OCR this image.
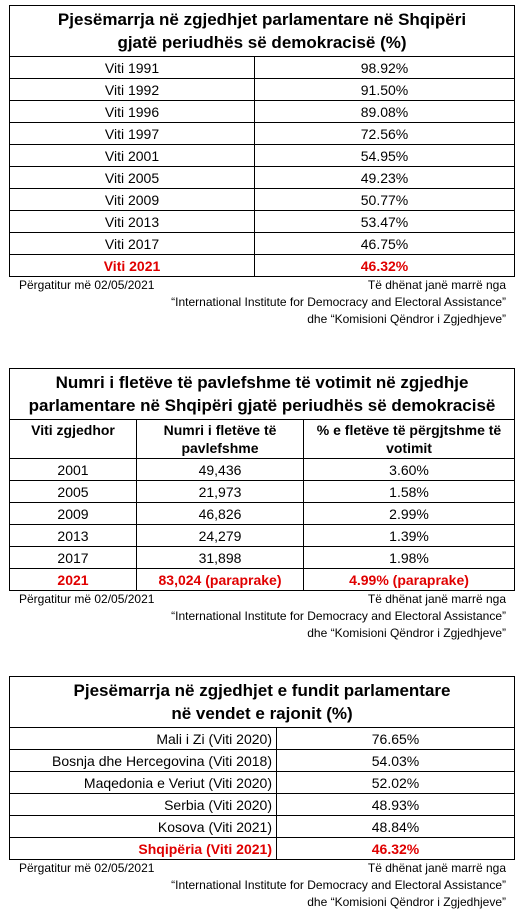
Pjesëmarrja në zgjedhjet parlamentare në Shqipëri
gjatë periudhës së demokracisë (%)	

Viti 1991	98.92%
Viti 1992	91.50%
Viti 1996	89.08%
Viti 1997	72.56%
Viti 2001	54.95%
Viti 2005	49.23%
Viti 2009	50.77%
Viti 2013	53.47%
Viti 2017	46.75%
Viti 2021	46.32%
Përgatitur më 02/05/2021	Të dhënat janë marrë nga
“International Institute for Democracy and Electoral Assistance”
dhe “Komisioni Qëndror i Zgjedhjeve”
Numri i fletëve të pavlefshme të votimit në zgjedhje
parlamentare në Shqipëri gjatë periudhës së demokracisë		

Viti zgjedhor	Numri i fletëve të pavlefshme	% e fletëve të përgjtshme të votimit
2001	49,436	3.60%
2005	21,973	1.58%
2009	46,826	2.99%
2013	24,279	1.39%
2017	31,898	1.98%
2021	83,024 (paraprake)	4.99% (paraprake)
Përgatitur më 02/05/2021	Të dhënat janë marrë nga
“International Institute for Democracy and Electoral Assistance”
dhe “Komisioni Qëndror i Zgjedhjeve”
Pjesëmarrja në zgjedhjet e fundit parlamentare
në vendet e rajonit (%)	

Mali i Zi (Viti 2020)	76.65%
Bosnja dhe Hercegovina (Viti 2018)	54.03%
Maqedonia e Veriut (Viti 2020)	52.02%
Serbia (Viti 2020)	48.93%
Kosova (Viti 2021)	48.84%
Shqipëria (Viti 2021)	46.32%
Përgatitur më 02/05/2021	Të dhënat janë marrë nga
“International Institute for Democracy and Electoral Assistance”
dhe “Komisioni Qëndror i Zgjedhjeve”
